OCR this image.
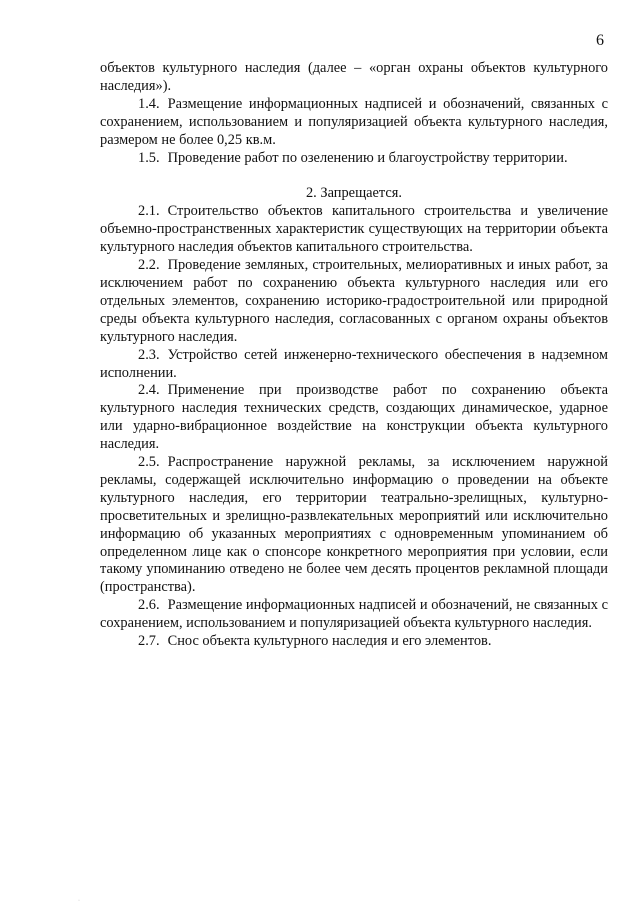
6

объектов культурного наследия (далее – «орган охраны объектов культурного наследия»).

1.4. Размещение информационных надписей и обозначений, связанных с сохранением, использованием и популяризацией объекта культурного наследия, размером не более 0,25 кв.м.

1.5. Проведение работ по озеленению и благоустройству территории.

2. Запрещается.

2.1. Строительство объектов капитального строительства и увеличение объемно-пространственных характеристик существующих на территории объекта культурного наследия объектов капитального строительства.

2.2. Проведение земляных, строительных, мелиоративных и иных работ, за исключением работ по сохранению объекта культурного наследия или его отдельных элементов, сохранению историко-градостроительной или природной среды объекта культурного наследия, согласованных с органом охраны объектов культурного наследия.

2.3. Устройство сетей инженерно-технического обеспечения в надземном исполнении.

2.4. Применение при производстве работ по сохранению объекта культурного наследия технических средств, создающих динамическое, ударное или ударно-вибрационное воздействие на конструкции объекта культурного наследия.

2.5. Распространение наружной рекламы, за исключением наружной рекламы, содержащей исключительно информацию о проведении на объекте культурного наследия, его территории театрально-зрелищных, культурно-просветительных и зрелищно-развлекательных мероприятий или исключительно информацию об указанных мероприятиях с одновременным упоминанием об определенном лице как о спонсоре конкретного мероприятия при условии, если такому упоминанию отведено не более чем десять процентов рекламной площади (пространства).

2.6. Размещение информационных надписей и обозначений, не связанных с сохранением, использованием и популяризацией объекта культурного наследия.

2.7. Снос объекта культурного наследия и его элементов.

·
